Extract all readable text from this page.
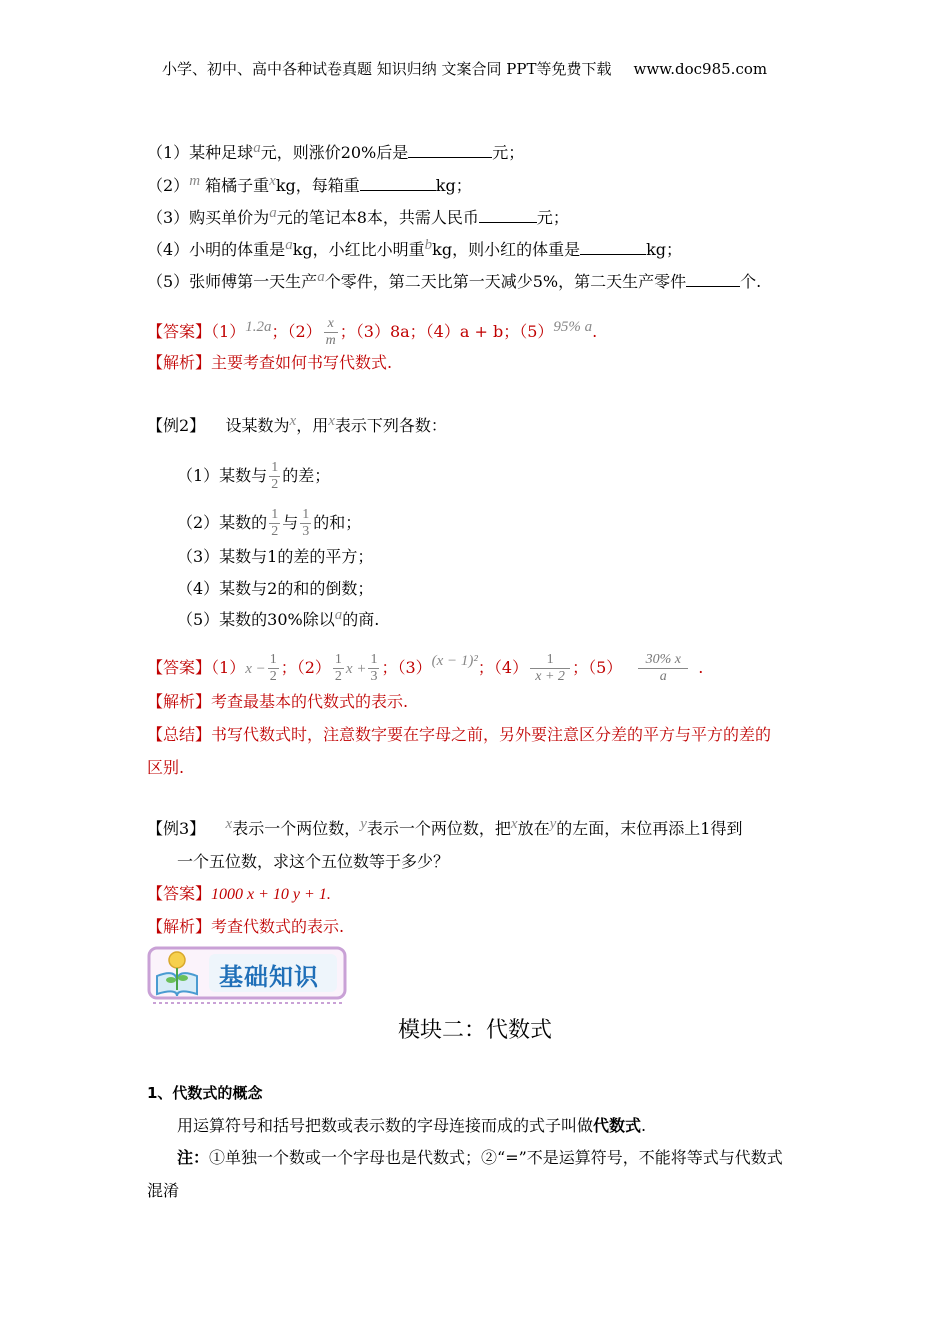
小学、初中、高中各种试卷真题 知识归纳 文案合同 PPT等免费下载 www.doc985.com
（1）某种足球a元，则涨价20%后是	元；
（2）m 箱橘子重xkg，每箱重	kg；
（3）购买单价为a元的笔记本8本，共需人民币	元；
（4）小明的体重是akg，小红比小明重bkg，则小红的体重是	kg；
（5）张师傅第一天生产a个零件，第二天比第一天减少5%，第二天生产零件	个.
【答案】（1）1.2a；$(2) \frac{x}{m}$ ；（3）8a；（4）a + b；（5）95% a.
【解析】主要考查如何书写代数式.
【例2】 设某数为x，用x表示下列各数：
（1）某数与 $\frac{1}{2}$ 的差；
（2）某数的 $\frac{1}{2}$ 与 $\frac{1}{3}$ 的和；
（3）某数与1的差的平方；
（4）某数与2的和的倒数；
（5）某数的30%除以a的商.
【答案】$(1)x - \frac{1}{2}$ ；$(2) \frac{1}{2}$ $x + \frac{1}{3}$ ；（3）(x − 1)²；$(4) \frac{1}{x + 2}$ ；$(5) \frac{30\% x}{a}$ .
【解析】考查最基本的代数式的表示.
【总结】书写代数式时，注意数字要在字母之前，另外要注意区分差的平方与平方的差的
区别.
【例3】 x表示一个两位数，y表示一个两位数，把x放在y的左面，末位再添上1得到
一个五位数，求这个五位数等于多少？
【答案】1000 x + 10 y + 1.
【解析】考查代数式的表示.
基础知识
模块二：代数式
1、代数式的概念
用运算符号和括号把数或表示数的字母连接而成的式子叫做代数式.
注：①单独一个数或一个字母也是代数式；②“=”不是运算符号，不能将等式与代数式
混淆
